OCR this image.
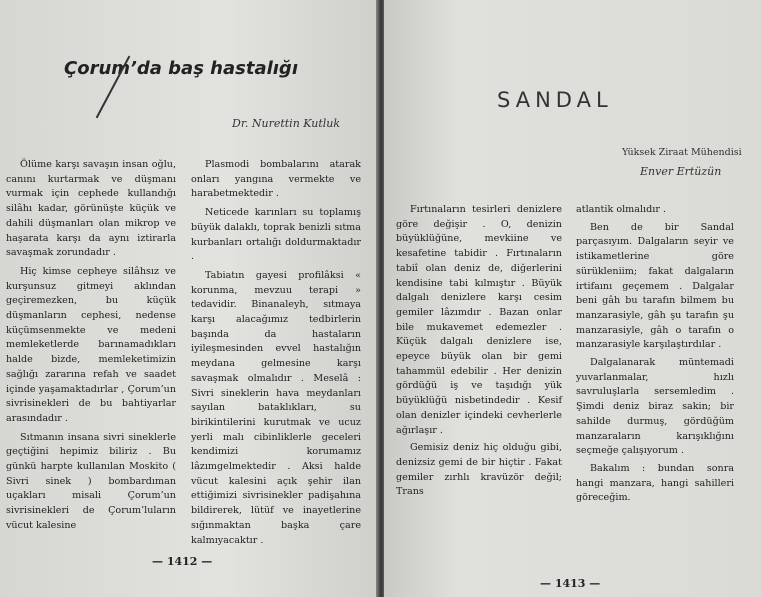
Çorum’da baş hastalığı
Dr. Nurettin Kutluk

Ölüme karşı savaşın insan oğlu, canını kurtarmak ve düşmanı vurmak için cephede kullandığı silâhı kadar, görünüşte küçük ve dahili düşmanları olan mikrop ve haşarata karşı da aynı iztirarla savaşmak zorundadır .

Hiç kimse cepheye silâhsız ve kurşunsuz gitmeyi aklından geçiremezken, bu küçük düşmanların cephesi, nedense küçümsenmekte ve medeni memleketlerde barınamadıkları halde bizde, memleketimizin sağlığı zararına refah ve saadet içinde yaşamaktadırlar , Çorum’un sivrisinekleri de bu bahtiyarlar arasındadır .

Sıtmanın insana sivri sineklerle geçtiğini hepimiz biliriz . Bu günkü harpte kullanılan Moskito ( Sivri sinek ) bombardıman uçakları misali Çorum’un sivrisinekleri de Çorum’luların vücut kalesine

Plasmodi bombalarını atarak onları yangına vermekte ve harabetmektedir .

Neticede karınları su toplamış büyük dalaklı, toprak benizli sıtma kurbanları ortalığı doldurmaktadır .

Tabiatın gayesi profilâksi « korunma, mevzuu terapi » tedavidir. Binanaleyh, sıtmaya karşı alacağımız tedbirlerin başında da hastaların iyileşmesinden evvel hastalığın meydana gelmesine karşı savaşmak olmalıdır . Meselâ : Sivri sineklerin hava meydanları sayılan bataklıkları, su birikintilerini kurutmak ve ucuz yerli malı cibinliklerle geceleri kendimizi korumamız lâzımgelmektedir . Aksi halde vücut kalesini açık şehir ilan ettiğimizi sivrisinekler padişahına bildirerek, lütüf ve inayetlerine sığınmaktan başka çare kalmıyacaktır .

— 1412 —
SANDAL
Yüksek Ziraat Mühendisi
Enver Ertüzün

Fırtınaların tesirleri denizlere göre değişir . O, denizin büyüklüğüne, mevkiine ve kesafetine tabidir . Fırtınaların tabiî olan deniz de, diğerlerini kendisine tabi kılmıştır . Büyük dalgalı denizlere karşı cesim gemiler lâzımdır . Bazan onlar bile mukavemet edemezler . Küçük dalgalı denizlere ise, epeyce büyük olan bir gemi tahammül edebilir . Her denizin gördüğü iş ve taşıdığı yük büyüklüğü nisbetindedir . Kesif olan denizler içindeki cevherlerle ağırlaşır .

Gemisiz deniz hiç olduğu gibi, denizsiz gemi de bir hiçtir . Fakat gemiler zırhlı kravüzör değil; Trans

atlantik olmalıdır .

Ben de bir Sandal parçasıyım. Dalgaların seyir ve istikametlerine göre sürükleniim; fakat dalgaların irtifaını geçemem . Dalgalar beni gâh bu tarafın bilmem bu manzarasiyle, gâh şu tarafın şu manzarasiyle, gâh o tarafın o manzarasiyle karşılaştırdılar .

Dalgalanarak müntemadi yuvarlanmalar, hızlı savruluşlarla sersemledim . Şimdi deniz biraz sakin; bir sahilde durmuş, gördüğüm manzaraların karışıklığını seçmeğe çalışıyorum .

Bakalım : bundan sonra hangi manzara, hangi sahilleri göreceğim.

— 1413 —
